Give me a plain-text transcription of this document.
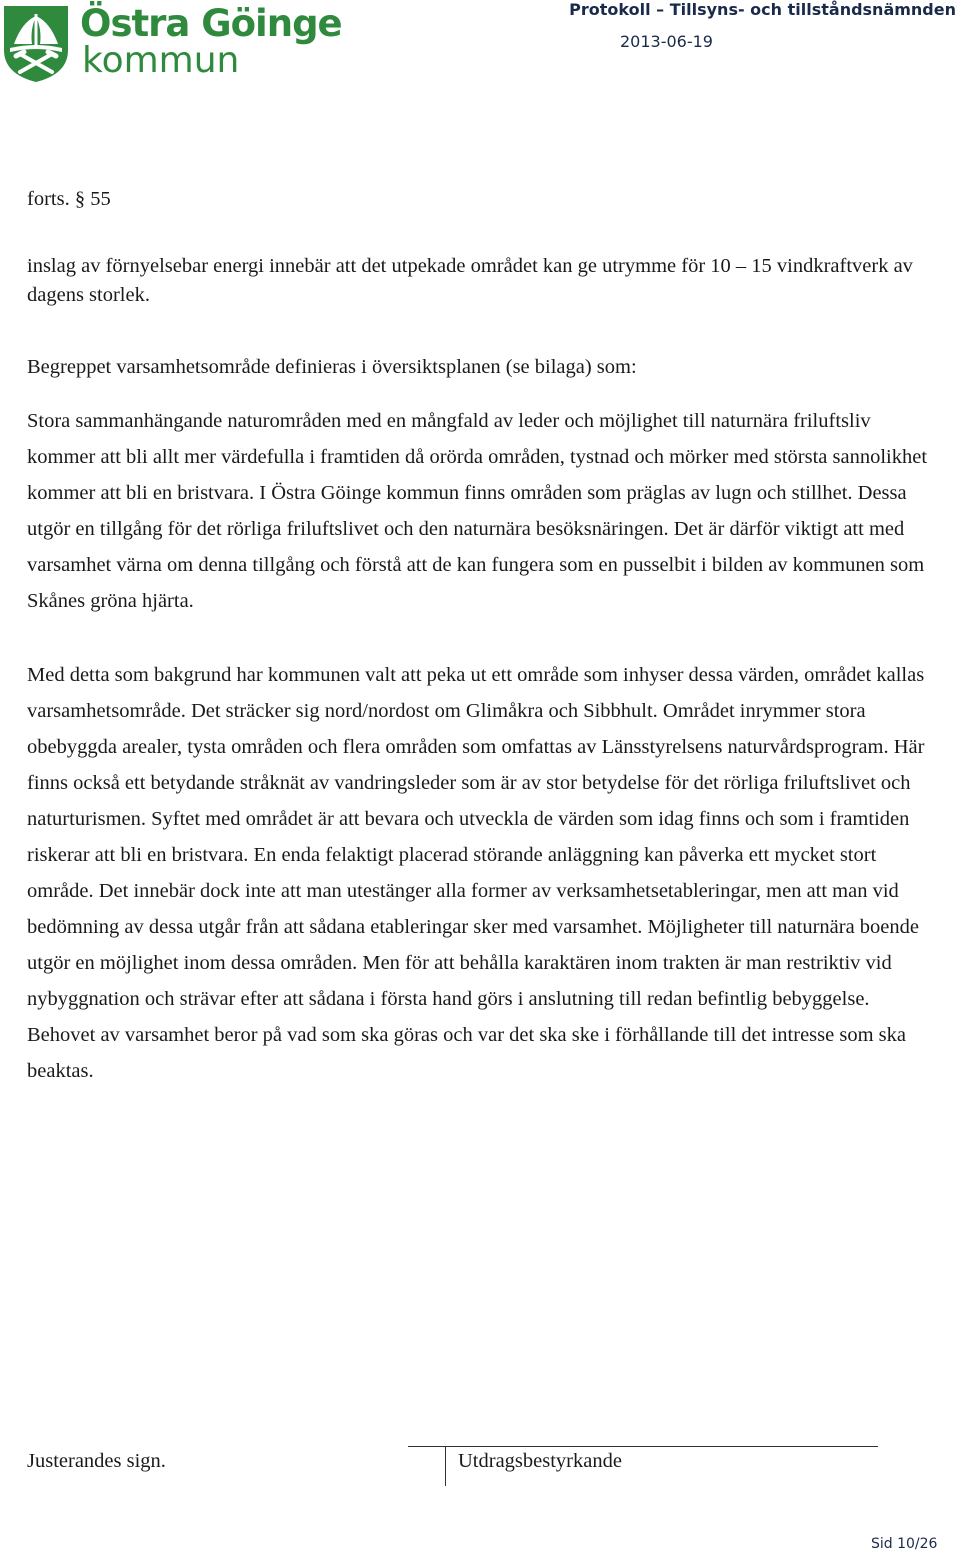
Östra Göinge
kommun
Protokoll – Tillsyns- och tillståndsnämnden
2013-06-19

forts. § 55

inslag av förnyelsebar energi innebär att det utpekade området kan ge utrymme för 10 – 15 vindkraftverk av dagens storlek.

Begreppet varsamhetsområde definieras i översiktsplanen (se bilaga) som:

Stora sammanhängande naturområden med en mångfald av leder och möjlighet till naturnära friluftsliv kommer att bli allt mer värdefulla i framtiden då orörda områden, tystnad och mörker med största sannolikhet kommer att bli en bristvara. I Östra Göinge kommun finns områden som präglas av lugn och stillhet. Dessa utgör en tillgång för det rörliga friluftslivet och den naturnära besöksnäringen. Det är därför viktigt att med varsamhet värna om denna tillgång och förstå att de kan fungera som en pusselbit i bilden av kommunen som Skånes gröna hjärta.

Med detta som bakgrund har kommunen valt att peka ut ett område som inhyser dessa värden, området kallas varsamhetsområde. Det sträcker sig nord/nordost om Glimåkra och Sibbhult. Området inrymmer stora obebyggda arealer, tysta områden och flera områden som omfattas av Länsstyrelsens naturvårdsprogram. Här finns också ett betydande stråknät av vandringsleder som är av stor betydelse för det rörliga friluftslivet och naturturismen. Syftet med området är att bevara och utveckla de värden som idag finns och som i framtiden riskerar att bli en bristvara. En enda felaktigt placerad störande anläggning kan påverka ett mycket stort område. Det innebär dock inte att man utestänger alla former av verksamhetsetableringar, men att man vid bedömning av dessa utgår från att sådana etableringar sker med varsamhet. Möjligheter till naturnära boende utgör en möjlighet inom dessa områden. Men för att behålla karaktären inom trakten är man restriktiv vid nybyggnation och strävar efter att sådana i första hand görs i anslutning till redan befintlig bebyggelse. Behovet av varsamhet beror på vad som ska göras och var det ska ske i förhållande till det intresse som ska beaktas.

Justerandes sign.	Utdragsbestyrkande
Sid 10/26
